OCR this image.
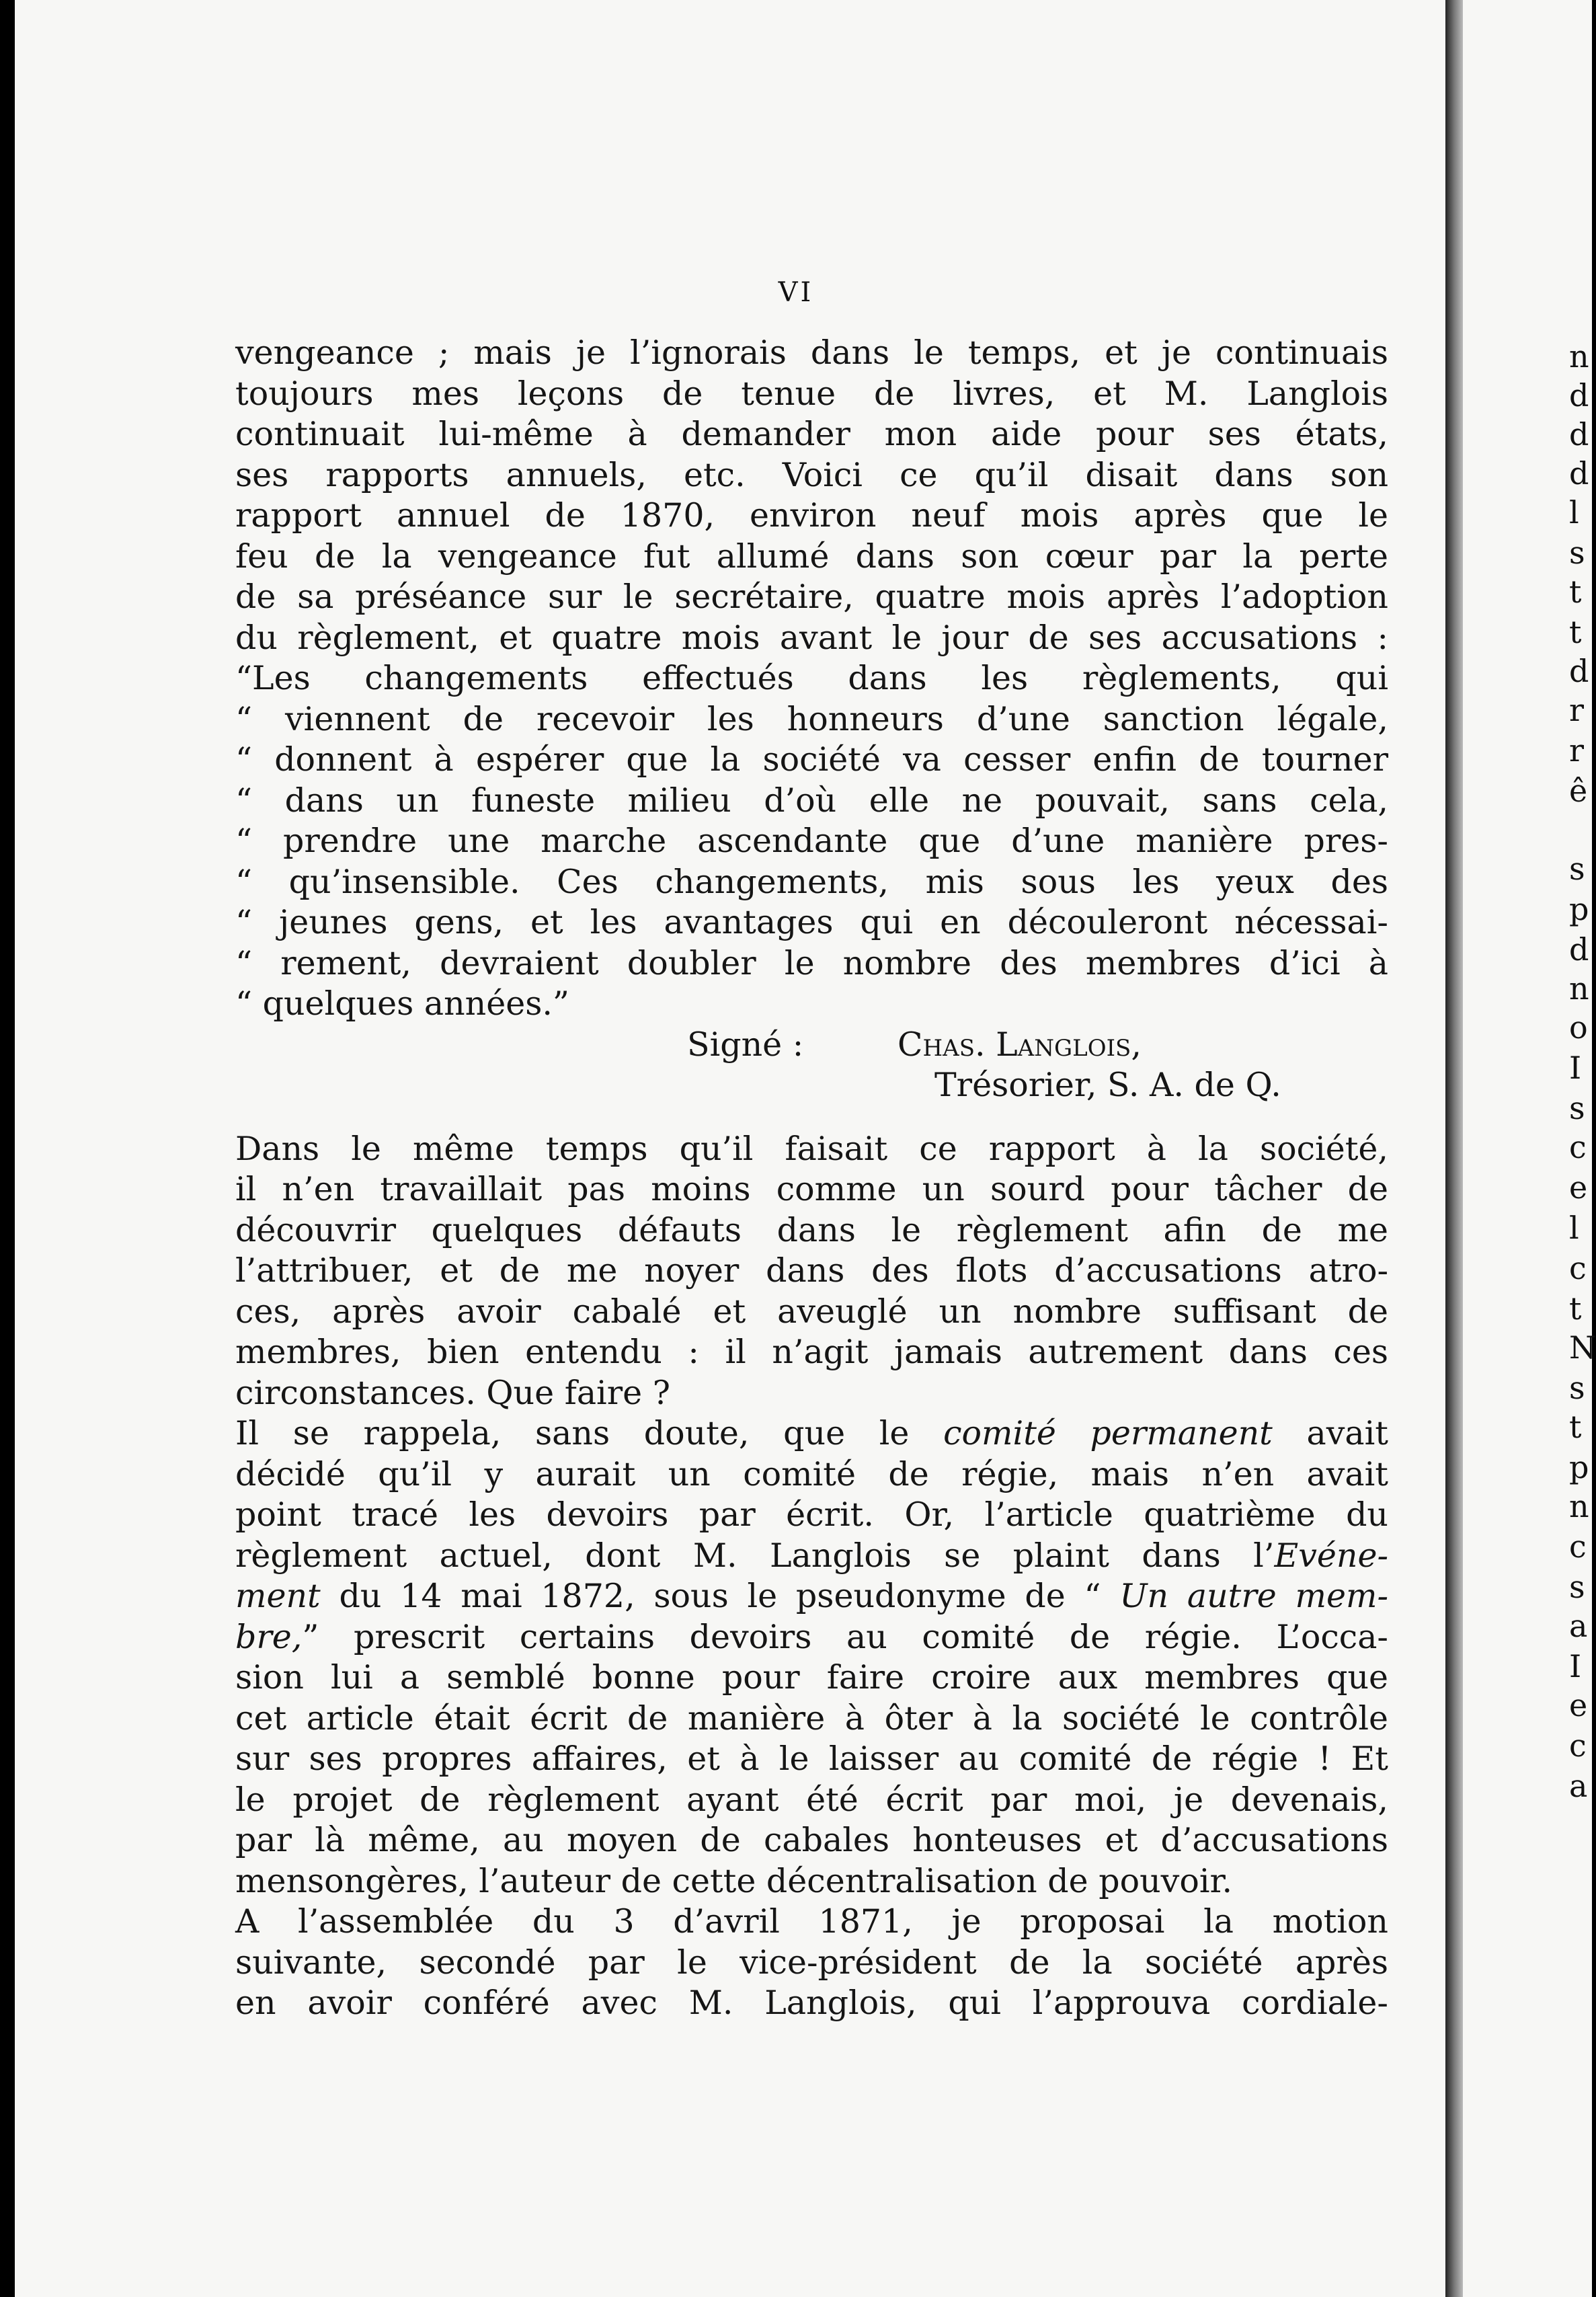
n
d
d
d
l
s
t
t
d
r
r
ê
s
p
d
n
o
I
s
c
e
l
c
t
N
s
t
p
n
c
s
a
I
e
c
a
VI
vengeance ; mais je l’ignorais dans le temps, et je continuais
toujours mes leçons de tenue de livres, et M. Langlois
continuait lui-même à demander mon aide pour ses états,
ses rapports annuels, etc. Voici ce qu’il disait dans son
rapport annuel de 1870, environ neuf mois après que le
feu de la vengeance fut allumé dans son cœur par la perte
de sa préséance sur le secrétaire, quatre mois après l’adoption
du règlement, et quatre mois avant le jour de ses accusations :
“Les changements effectués dans les règlements, qui
“ viennent de recevoir les honneurs d’une sanction légale,
“ donnent à espérer que la société va cesser enfin de tourner
“ dans un funeste milieu d’où elle ne pouvait, sans cela,
“ prendre une marche ascendante que d’une manière pres-
“ qu’insensible. Ces changements, mis sous les yeux des
“ jeunes gens, et les avantages qui en découleront nécessai-
“ rement, devraient doubler le nombre des membres d’ici à
“ quelques années.”
Signé :	Chas. Langlois,
Trésorier, S. A. de Q.
Dans le même temps qu’il faisait ce rapport à la société,
il n’en travaillait pas moins comme un sourd pour tâcher de
découvrir quelques défauts dans le règlement afin de me
l’attribuer, et de me noyer dans des flots d’accusations atro-
ces, après avoir cabalé et aveuglé un nombre suffisant de
membres, bien entendu : il n’agit jamais autrement dans ces
circonstances. Que faire ?
Il se rappela, sans doute, que le comité permanent avait
décidé qu’il y aurait un comité de régie, mais n’en avait
point tracé les devoirs par écrit. Or, l’article quatrième du
règlement actuel, dont M. Langlois se plaint dans l’Evéne-
ment du 14 mai 1872, sous le pseudonyme de “ Un autre mem-
bre,” prescrit certains devoirs au comité de régie. L’occa-
sion lui a semblé bonne pour faire croire aux membres que
cet article était écrit de manière à ôter à la société le contrôle
sur ses propres affaires, et à le laisser au comité de régie ! Et
le projet de règlement ayant été écrit par moi, je devenais,
par là même, au moyen de cabales honteuses et d’accusations
mensongères, l’auteur de cette décentralisation de pouvoir.
A l’assemblée du 3 d’avril 1871, je proposai la motion
suivante, secondé par le vice-président de la société après
en avoir conféré avec M. Langlois, qui l’approuva cordiale-
